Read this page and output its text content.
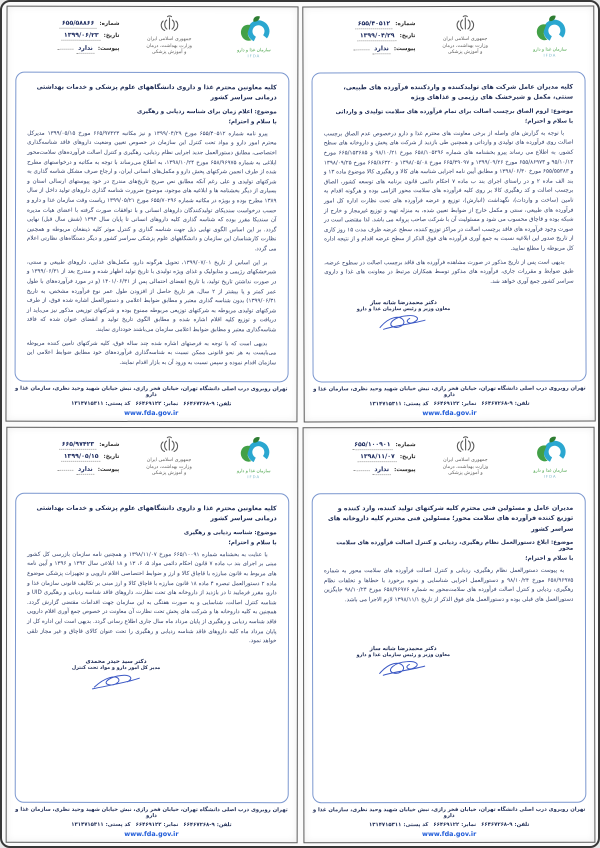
شماره:
۶۵۵/۵۸۸۶۶
تاریخ:
۱۳۹۹/۰۶/۲۳
پیوست:
ندارد
جمهوری اسلامی ایران
وزارت بهداشت، درمان
و آموزش پزشکی	سازمان غذا و دارو
IFDA
کلیه معاونین محترم غذا و داروی دانشگاههای علوم پزشکی و خدمات بهداشتی درمانی سراسر کشور
موضوع: اعلام زمان برای شناسه ردیابی و رهگیری
با سلام و احترام؛

پیرو نامه شماره ۶۵۵/۴۰۵۱۲ مورخ ۱۳۹۹/۰۴/۲۹ و نیز مکاتبه ۶۶۵/۹۷۴۲۳ مورخ ۱۳۹۹/۰۵/۱۵ مدیرکل محترم امور دارو و مواد تحت کنترل این سازمان در خصوص تعیین وضعیت داروهای فاقد شناسه‌گذاری اختصاصی، مطابق دستورالعمل جدید اجرایی نظام ردیابی، رهگیری و کنترل اصالت فرآورده‌های سلامت‌محور ابلاغی به شماره ۶۵۸/۹۶۹۷۵ مورخ ۱۳۹۸/۱۰/۲۴، به اطلاع می‌رساند با توجه به مکاتبه و درخواستهای مطرح شده از طرف انجمن شرکتهای پخش دارو و مکمل‌های انسانی ایران، و ارجاع صرف مشکل شناسه گذاری به شرکتهای تولیدی و علی رغم آنکه مطابق نص صریح تاریخ‌های مندرج در خود پیوستهای ارسالی استان و بسیاری از دیگر بخشنامه ها و ابلاغیه های موجود، موضوع ضرورت شناسه گذاری داروهای تولید داخل از سال ۱۳۸۹ مطرح بوده و بویژه در مکاتبه شماره ۶۵۵/۷۰۲۹۶ مورخ ۱۳۹۹/۰۵/۲۱ ریاست وقت سازمان غذا و دارو و حسب درخواست سندیکای تولیدکنندگان داروهای انسانی و با توافقات صورت گرفته با اعضای هیات مدیره آن سندیکا مقرر بوده که شناسه گذاری کلیه داروهای انسانی تا پایان سال ۱۳۹۴ (شش سال قبل) نهایی گردد. بر این اساس الگوی نهایی ذیل جهت شناسه گذاری و کنترل موثر کلیه ذینفعان مربوطه و همچنین نظارت کارشناسان این سازمان و دانشگاههای علوم پزشکی سراسر کشور و دیگر دستگاه‌های نظارتی اعلام می گردد.

بر این اساس از تاریخ ۱۳۹۹/۰۷/۰۱، تحویل هرگونه دارو، مکمل‌های غذایی، داروهای طبیعی و سنتی، شیرخشکهای رژیمی و متابولیک و غذای ویژه تولیدی با تاریخ تولید اظهار شده و مندرج بعد از ۱۳۹۹/۰۶/۳۱ و در صورت نداشتن تاریخ تولید، با تاریخ انقضای احتمالی پس از ۱۴۰۱/۰۶/۳۱ (و در مورد فرآورده‌های با طول عمر کمتر و یا بیشتر از ۲ سال، هر تاریخ حاصل از افزودن طول عمر نوع فرآورده مشخص، به تاریخ ۱۳۹۹/۰۶/۳۱) بدون شناسه گذاری معتبر و مطابق ضوابط اعلامی و دستورالعمل اشاره شده فوق، از طرف شرکتهای تولیدی مربوطه به شرکتهای توزیعی مربوطه ممنوع بوده و شرکتهای توزیعی مذکور نیز می‌باید از دریافت و توزیع کلیه اقلام اشاره شده و مطابق الگوی تاریخ تولید و انقضای عنوان شده که فاقد شناسه‌گذاری معتبر و مطابق ضوابط اعلامی سازمان می‌باشند خودداری نمایند.

بدیهی است که با توجه به فرصتهای اشاره شده چند ساله فوق، کلیه شرکتهای تامین کننده مربوطه می‌بایست به هر نحو قانونی ممکن نسبت به شناسه‌گذاری فرآورده‌های خود مطابق ضوابط اعلامی این سازمان اقدام نموده و سپس نسبت به ورود آن به بازار اقدام نمایند.

تهران روبروی درب اصلی دانشگاه تهران، خیابان فخر رازی، نبش خیابان شهید وحید نظری، سازمان غذا و دارو
تلفن:
۶۶۴۶۷۲۶۸-۹
نمابر:
۶۶۴۶۹۱۲۲
کد پستی:
۱۳۱۴۷۱۵۳۱۱
www.fda.gov.ir
شماره:
۶۵۵/۴۰۵۱۲
تاریخ:
۱۳۹۹/۰۴/۲۹
پیوست:
ندارد
جمهوری اسلامی ایران
وزارت بهداشت، درمان
و آموزش پزشکی
سازمان غذا و دارو
IFDA
کلیه مدیران عامل شرکت های تولیدکننده و واردکننده فرآورده های طبیعی، سنتی، مکمل و شیرخشک های رژیمی و غذاهای ویژه
موضوع: لزوم الصاق برچسب اصالت برای تمام فرآورده های سلامت تولیدی و وارداتی
با سلام و احترام؛

با توجه به گزارش های واصله از برخی معاونت های محترم غذا و دارو درخصوص عدم الصاق برچسب اصالت روی فرآورده های تولیدی و وارداتی و همچنین طی بازدید از شرکت های پخش و داروخانه های سطح کشور، به اطلاع می رساند پیرو بخشنامه های شماره ۶۵۸/۱۰۵۲۹۶ مورخ ۹۸/۱۰/۲۱ و ۶۶۵/۱۵۳۶۸۵ مورخ ۹۵/۱۰/۱۳ و ۶۵۵/۸۶۹۷۳ مورخ ۱۳۹۹/۰۹/۲۶ و ۶۶۵/۳۹۰۹۷ مورخ ۱۳۹۸/۰۵/۰۸ و ۶۶۵/۸۶۳۲۰ مورخ ۱۳۹۸/۰۹/۲۵ و ۶۵۵/۵۵۳۸۳ مورخ ۱۳۹۸/۰۶/۳۰ و مطابق آیین نامه اجرایی شناسه های کالا و رهگیری کالا موضوع ماده ۱۳ و بند الف ماده ۲ و در راستای اجرای بند ب ماده ۷ احکام دائمی قانون برنامه های توسعه کشور، الصاق برچسب اصالت و کد رهگیری کالا بر روی کلیه فرآورده های سلامت محور الزامی بوده و هرگونه اقدام به تامین (ساخت و واردات)، نگهداشت (انبارش)، توزیع و عرضه فرآورده های تحت نظارت اداره کل امور فرآورده های طبیعی، سنتی و مکمل خارج از ضوابط تعیین شده، به منزله تهیه و توزیع غیرمجاز و خارج از شبکه بوده و قاچاق محسوب می شود و مسئولیت آن با شرکت صاحب پروانه می باشد. لذا مقتضی است در صورت وجود فرآورده های فاقد برچسب اصالت در مراکز توزیع کننده، سطح عرضه ظرف مدت ۱۵ روز کاری از تاریخ صدور این ابلاغیه نسبت به جمع آوری فرآورده های فوق الذکر از سطح عرضه اقدام و از نتیجه اداره کل مربوطه را مطلع نمایید.

بدیهی است پس از تاریخ مذکور در صورت مشاهده فرآورده های فاقد برچسب اصالت در سطوح عرضه، طبق ضوابط و مقررات جاری، فرآورده های مذکور توسط همکاران مرتبط در معاونت های غذا و داروی سراسر کشور جمع آوری خواهد شد.

دکتر محمدرضا شانه ساز
معاون وزیر و رئیس سازمان غذا و دارو
تهران روبروی درب اصلی دانشگاه تهران، خیابان فخر رازی، نبش خیابان شهید وحید نظری، سازمان غذا و دارو
تلفن:
۶۶۴۶۷۲۶۸-۹
نمابر:
۶۶۴۶۹۱۲۲
کد پستی:
۱۳۱۴۷۱۵۳۱۱
www.fda.gov.ir
شماره:
۶۶۵/۹۷۴۲۳
تاریخ:
۱۳۹۹/۰۵/۱۵
پیوست:
ندارد
جمهوری اسلامی ایران
وزارت بهداشت، درمان
و آموزش پزشکی	سازمان غذا و دارو
IFDA
کلیه معاونین محترم غذا و داروی دانشگاههای علوم پزشکی و خدمات بهداشتی درمانی سراسر کشور
موضوع: شناسه ردیابی و رهگیری
با سلام و احترام؛

با عنایت به بخشنامه شماره ۶۶۵/۱۰۰۹۱ مورخ ۱۳۹۸/۱۱/۰۷ و همچنین نامه سازمان بازرسی کل کشور مبنی بر اجرای بند ب ماده ۷ قانون احکام دائمی مواد ۵، ۶، ۱۳ و ۱۸ ابلاغی سال ۱۳۹۲ و ۱۳۹۶ و آیین نامه های مربوط به قانون مبارزه با قاچاق کالا و ارز و ضوابط اختصاصی اقلام دارویی و تجهیزات پزشکی موضوع ماده ۲ دستورالعمل تبصره ۴ ماده ۱۸ قانون مبارزه با قاچاق کالا و ارز مبنی بر تکالیف قانونی سازمان غذا و دارو، مقرر فرمایید تا در بازدید از داروخانه های تحت نظارت، داروهای فاقد شناسه ردیابی و رهگیری UID و شناسه کنترل اصالت، شناسایی و به صورت هفتگی به این سازمان جهت اقدامات مقتضی گزارش گردد. همچنین به کلیه داروخانه ها و شرکت های پخش تحت نظارت آن معاونت در خصوص جمع آوری اقلام دارویی فاقد شناسه ردیابی و رهگیری از پایان مرداد ماه سال جاری اطلاع رسانی گردد. بدیهی است این اداره کل از پایان مرداد ماه کلیه داروهای فاقد شناسه ردیابی و رهگیری را تحت عنوان کالای قاچاق و غیر مجاز تلقی خواهد نمود.

دکتر سید حیدر محمدی
مدیر کل امور دارو و مواد تحت کنترل
تهران روبروی درب اصلی دانشگاه تهران، خیابان فخر رازی، نبش خیابان شهید وحید نظری، سازمان غذا و دارو
تلفن:
۶۶۴۶۷۲۶۸-۹
نمابر:
۶۶۴۶۹۱۲۲
کد پستی:
۱۳۱۴۷۱۵۳۱۱
www.fda.gov.ir
شماره:
۶۵۵/۱۰۰۹۰۱
تاریخ:
۱۳۹۸/۱۱/۰۷
پیوست:
ندارد
جمهوری اسلامی ایران
وزارت بهداشت، درمان
و آموزش پزشکی
سازمان غذا و دارو
IFDA
مدیران عامل و مسئولین فنی محترم کلیه شرکتهای تولید کننده، وارد کننده و توزیع کننده فرآورده های سلامت محور؛ مسئولین فنی محترم کلیه داروخانه های سراسر کشور
موضوع: ابلاغ دستورالعمل نظام رهگیری، ردیابی و کنترل اصالت فرآورده های سلامت محور
با سلام و احترام؛

به پیوست دستورالعمل نظام رهگیری، ردیابی و کنترل اصالت فرآورده های سلامت محور به شماره ۶۵۸/۹۶۹۷۵ مورخ ۹۸/۱۰/۲۴ و دستورالعمل اجرایی شناسایی و نحوه برخورد با خطاها و تخلفات نظام رهگیری، ردیابی و کنترل اصالت فرآورده های سلامت‌محور به شماره ۶۵۸/۹۶۹۷۶ مورخ ۹۸/۱۰/۲۴ جایگزین دستورالعمل های قبلی بوده و دستورالعمل های فوق الذکر از تاریخ ۱۳۹۸/۱۱/۱ لازم الاجرا می باشد.

دکتر محمدرضا شانه ساز
معاون وزیر و رئیس سازمان غذا و دارو
تهران روبروی درب اصلی دانشگاه تهران، خیابان فخر رازی، نبش خیابان شهید وحید نظری، سازمان غذا و دارو
تلفن:
۶۶۴۶۷۲۶۸-۹
نمابر:
۶۶۴۶۹۱۲۲
کد پستی:
۱۳۱۴۷۱۵۳۱۱
www.fda.gov.ir
